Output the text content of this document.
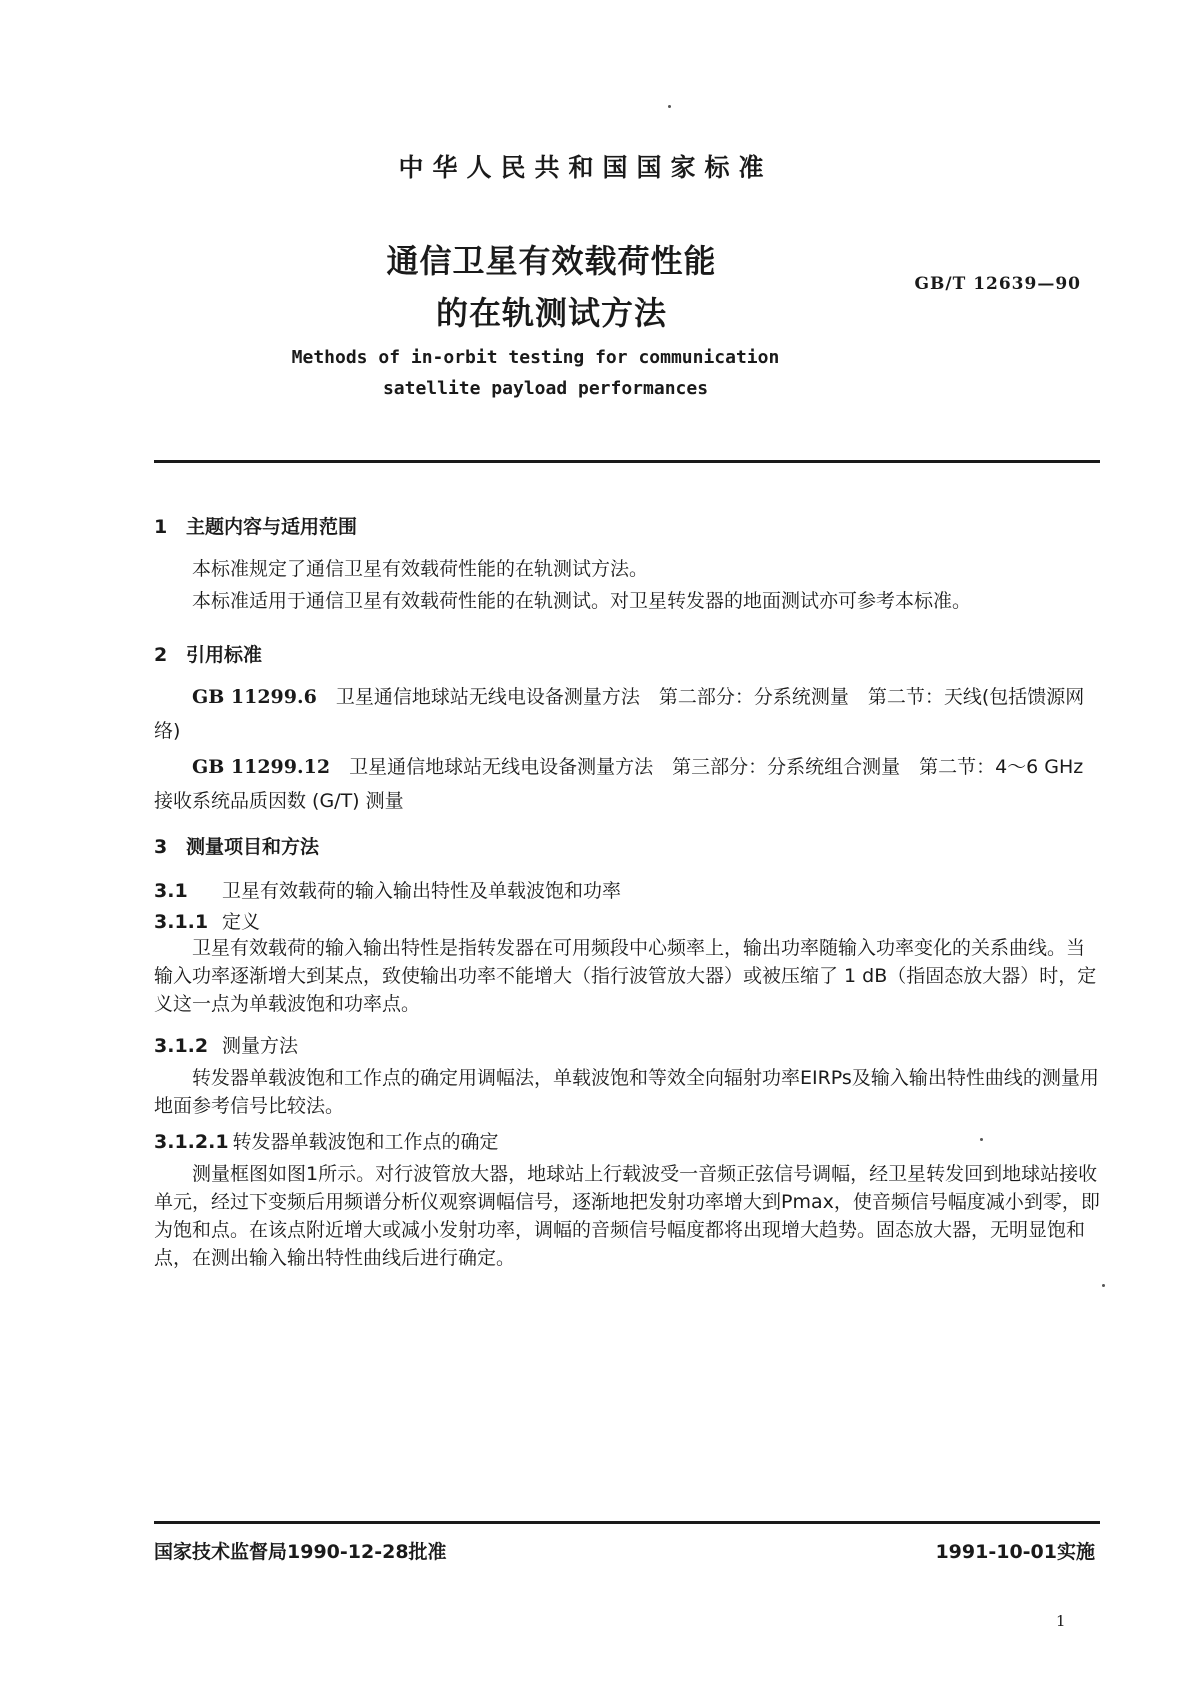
中华人民共和国国家标准
通信卫星有效载荷性能
的在轨测试方法
GB/T 12639—90
Methods of in-orbit testing for communication
satellite payload performances
1 主题内容与适用范围
本标准规定了通信卫星有效载荷性能的在轨测试方法。
本标准适用于通信卫星有效载荷性能的在轨测试。对卫星转发器的地面测试亦可参考本标准。
2 引用标准
GB 11299.6　 卫星通信地球站无线电设备测量方法　第二部分：分系统测量　第二节：天线(包括馈源网络)
GB 11299.12　 卫星通信地球站无线电设备测量方法　第三部分：分系统组合测量　第二节：4～6 GHz接收系统品质因数 (G/T) 测量
3 测量项目和方法
3.1 卫星有效载荷的输入输出特性及单载波饱和功率
3.1.1 定义
卫星有效载荷的输入输出特性是指转发器在可用频段中心频率上，输出功率随输入功率变化的关系曲线。当输入功率逐渐增大到某点，致使输出功率不能增大（指行波管放大器）或被压缩了 1 dB（指固态放大器）时，定义这一点为单载波饱和功率点。
3.1.2 测量方法
转发器单载波饱和工作点的确定用调幅法，单载波饱和等效全向辐射功率EIRPs及输入输出特性曲线的测量用地面参考信号比较法。
3.1.2.1 转发器单载波饱和工作点的确定
测量框图如图1所示。对行波管放大器，地球站上行载波受一音频正弦信号调幅，经卫星转发回到地球站接收单元，经过下变频后用频谱分析仪观察调幅信号，逐渐地把发射功率增大到Pmax，使音频信号幅度减小到零，即为饱和点。在该点附近增大或减小发射功率，调幅的音频信号幅度都将出现增大趋势。固态放大器，无明显饱和点，在测出输入输出特性曲线后进行确定。
国家技术监督局1990-12-28批准	1991-10-01实施
1
